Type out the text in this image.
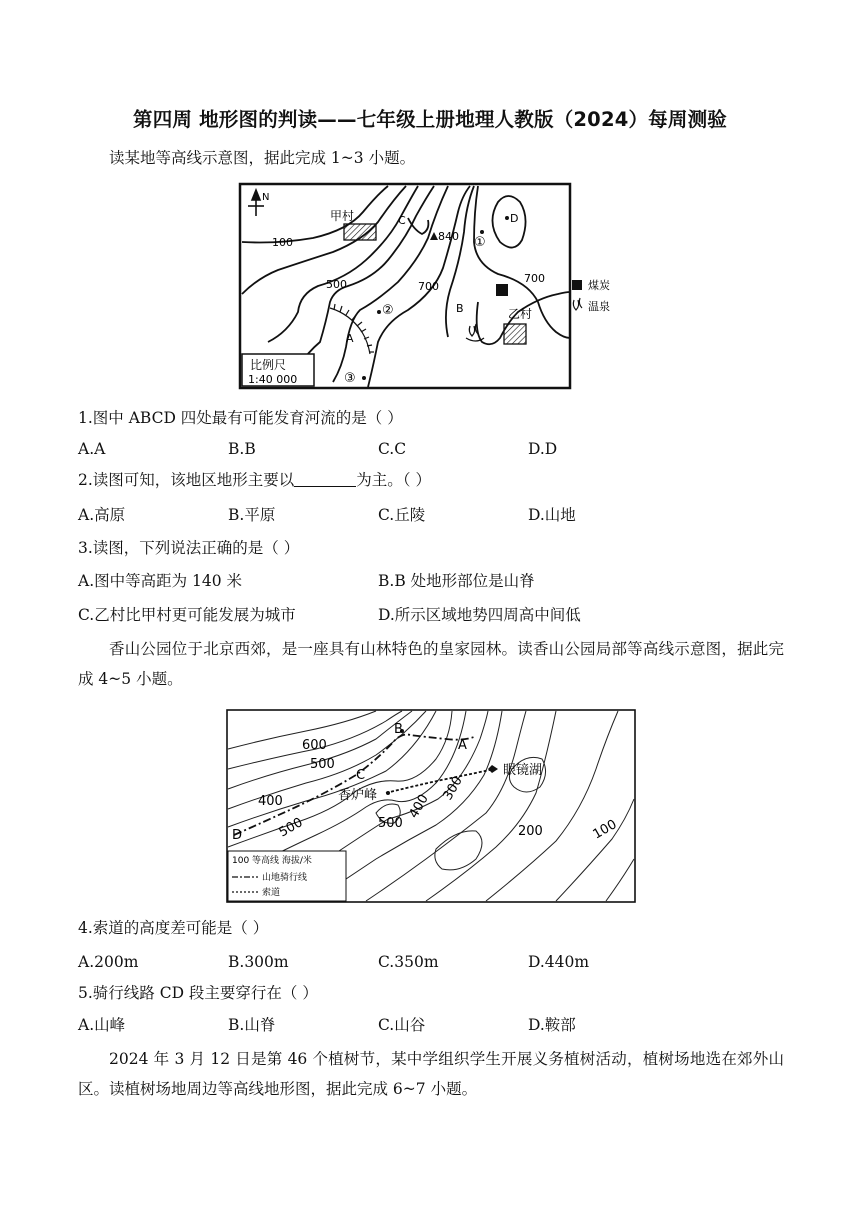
第四周 地形图的判读——七年级上册地理人教版（2024）每周测验

读某地等高线示意图，据此完成 1~3 小题。

N
甲村
乙村
C	D
840 ①
100
500	700
700
②	B
A
比例尺
1:40 000	③
煤炭
温泉
1.图中 ABCD 四处最有可能发育河流的是（ ）
A.A	B.B	C.C	D.D
2.读图可知，该地区地形主要以	为主。（ ）
A.高原	B.平原	C.丘陵	D.山地
3.读图，下列说法正确的是（ ）
A.图中等高距为 140 米	B.B 处地形部位是山脊
C.乙村比甲村更可能发展为城市	D.所示区域地势四周高中间低

香山公园位于北京西郊，是一座具有山林特色的皇家园林。读香山公园局部等高线示意图，据此完成 4~5 小题。

600
500
A
B
C
D
香炉峰
眼镜湖
400
500	500
400
300
200	100
100 等高线 海拔/米
山地骑行线
索道
4.索道的高度差可能是（ ）
A.200m	B.300m	C.350m	D.440m
5.骑行线路 CD 段主要穿行在（ ）
A.山峰	B.山脊	C.山谷	D.鞍部

2024 年 3 月 12 日是第 46 个植树节，某中学组织学生开展义务植树活动，植树场地选在郊外山区。读植树场地周边等高线地形图，据此完成 6~7 小题。
